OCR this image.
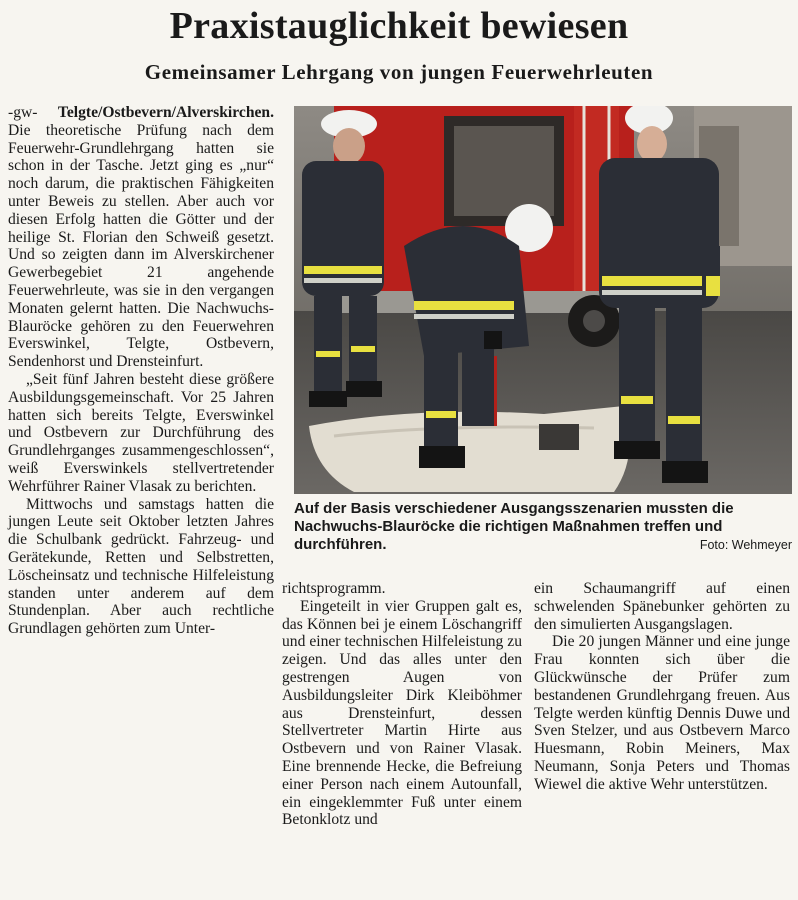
Praxistauglichkeit bewiesen
Gemeinsamer Lehrgang von jungen Feuerwehrleuten

-gw- Telgte/Ostbevern/Alverskirchen. Die theoretische Prüfung nach dem Feuerwehr-Grundlehrgang hatten sie schon in der Tasche. Jetzt ging es „nur“ noch darum, die praktischen Fähigkeiten unter Beweis zu stellen. Aber auch vor diesen Erfolg hatten die Götter und der heilige St. Florian den Schweiß gesetzt. Und so zeigten dann im Alverskirchener Gewerbegebiet 21 angehende Feuerwehrleute, was sie in den vergangen Monaten gelernt hatten. Die Nachwuchs-Blauröcke gehören zu den Feuerwehren Everswinkel, Telgte, Ostbevern, Sendenhorst und Drensteinfurt.

„Seit fünf Jahren besteht diese größere Ausbildungsgemeinschaft. Vor 25 Jahren hatten sich bereits Telgte, Everswinkel und Ostbevern zur Durchführung des Grundlehrganges zusammengeschlossen“, weiß Everswinkels stellvertretender Wehrführer Rainer Vlasak zu berichten.

Mittwochs und samstags hatten die jungen Leute seit Oktober letzten Jahres die Schulbank gedrückt. Fahrzeug- und Gerätekunde, Retten und Selbstretten, Löscheinsatz und technische Hilfeleistung standen unter anderem auf dem Stundenplan. Aber auch rechtliche Grundlagen gehörten zum Unter-

Auf der Basis verschiedener Ausgangsszenarien mussten die Nachwuchs-Blauröcke die richtigen Maßnahmen treffen und durchführen.	Foto: Wehmeyer

richtsprogramm.

Eingeteilt in vier Gruppen galt es, das Können bei je einem Löschangriff und einer technischen Hilfeleistung zu zeigen. Und das alles unter den gestrengen Augen von Ausbildungsleiter Dirk Kleiböhmer aus Drensteinfurt, dessen Stellvertreter Martin Hirte aus Ostbevern und von Rainer Vlasak. Eine brennende Hecke, die Befreiung einer Person nach einem Autounfall, ein eingeklemmter Fuß unter einem Betonklotz und

ein Schaumangriff auf einen schwelenden Spänebunker gehörten zu den simulierten Ausgangslagen.

Die 20 jungen Männer und eine junge Frau konnten sich über die Glückwünsche der Prüfer zum bestandenen Grundlehrgang freuen. Aus Telgte werden künftig Dennis Duwe und Sven Stelzer, und aus Ostbevern Marco Huesmann, Robin Meiners, Max Neumann, Sonja Peters und Thomas Wiewel die aktive Wehr unterstützen.
